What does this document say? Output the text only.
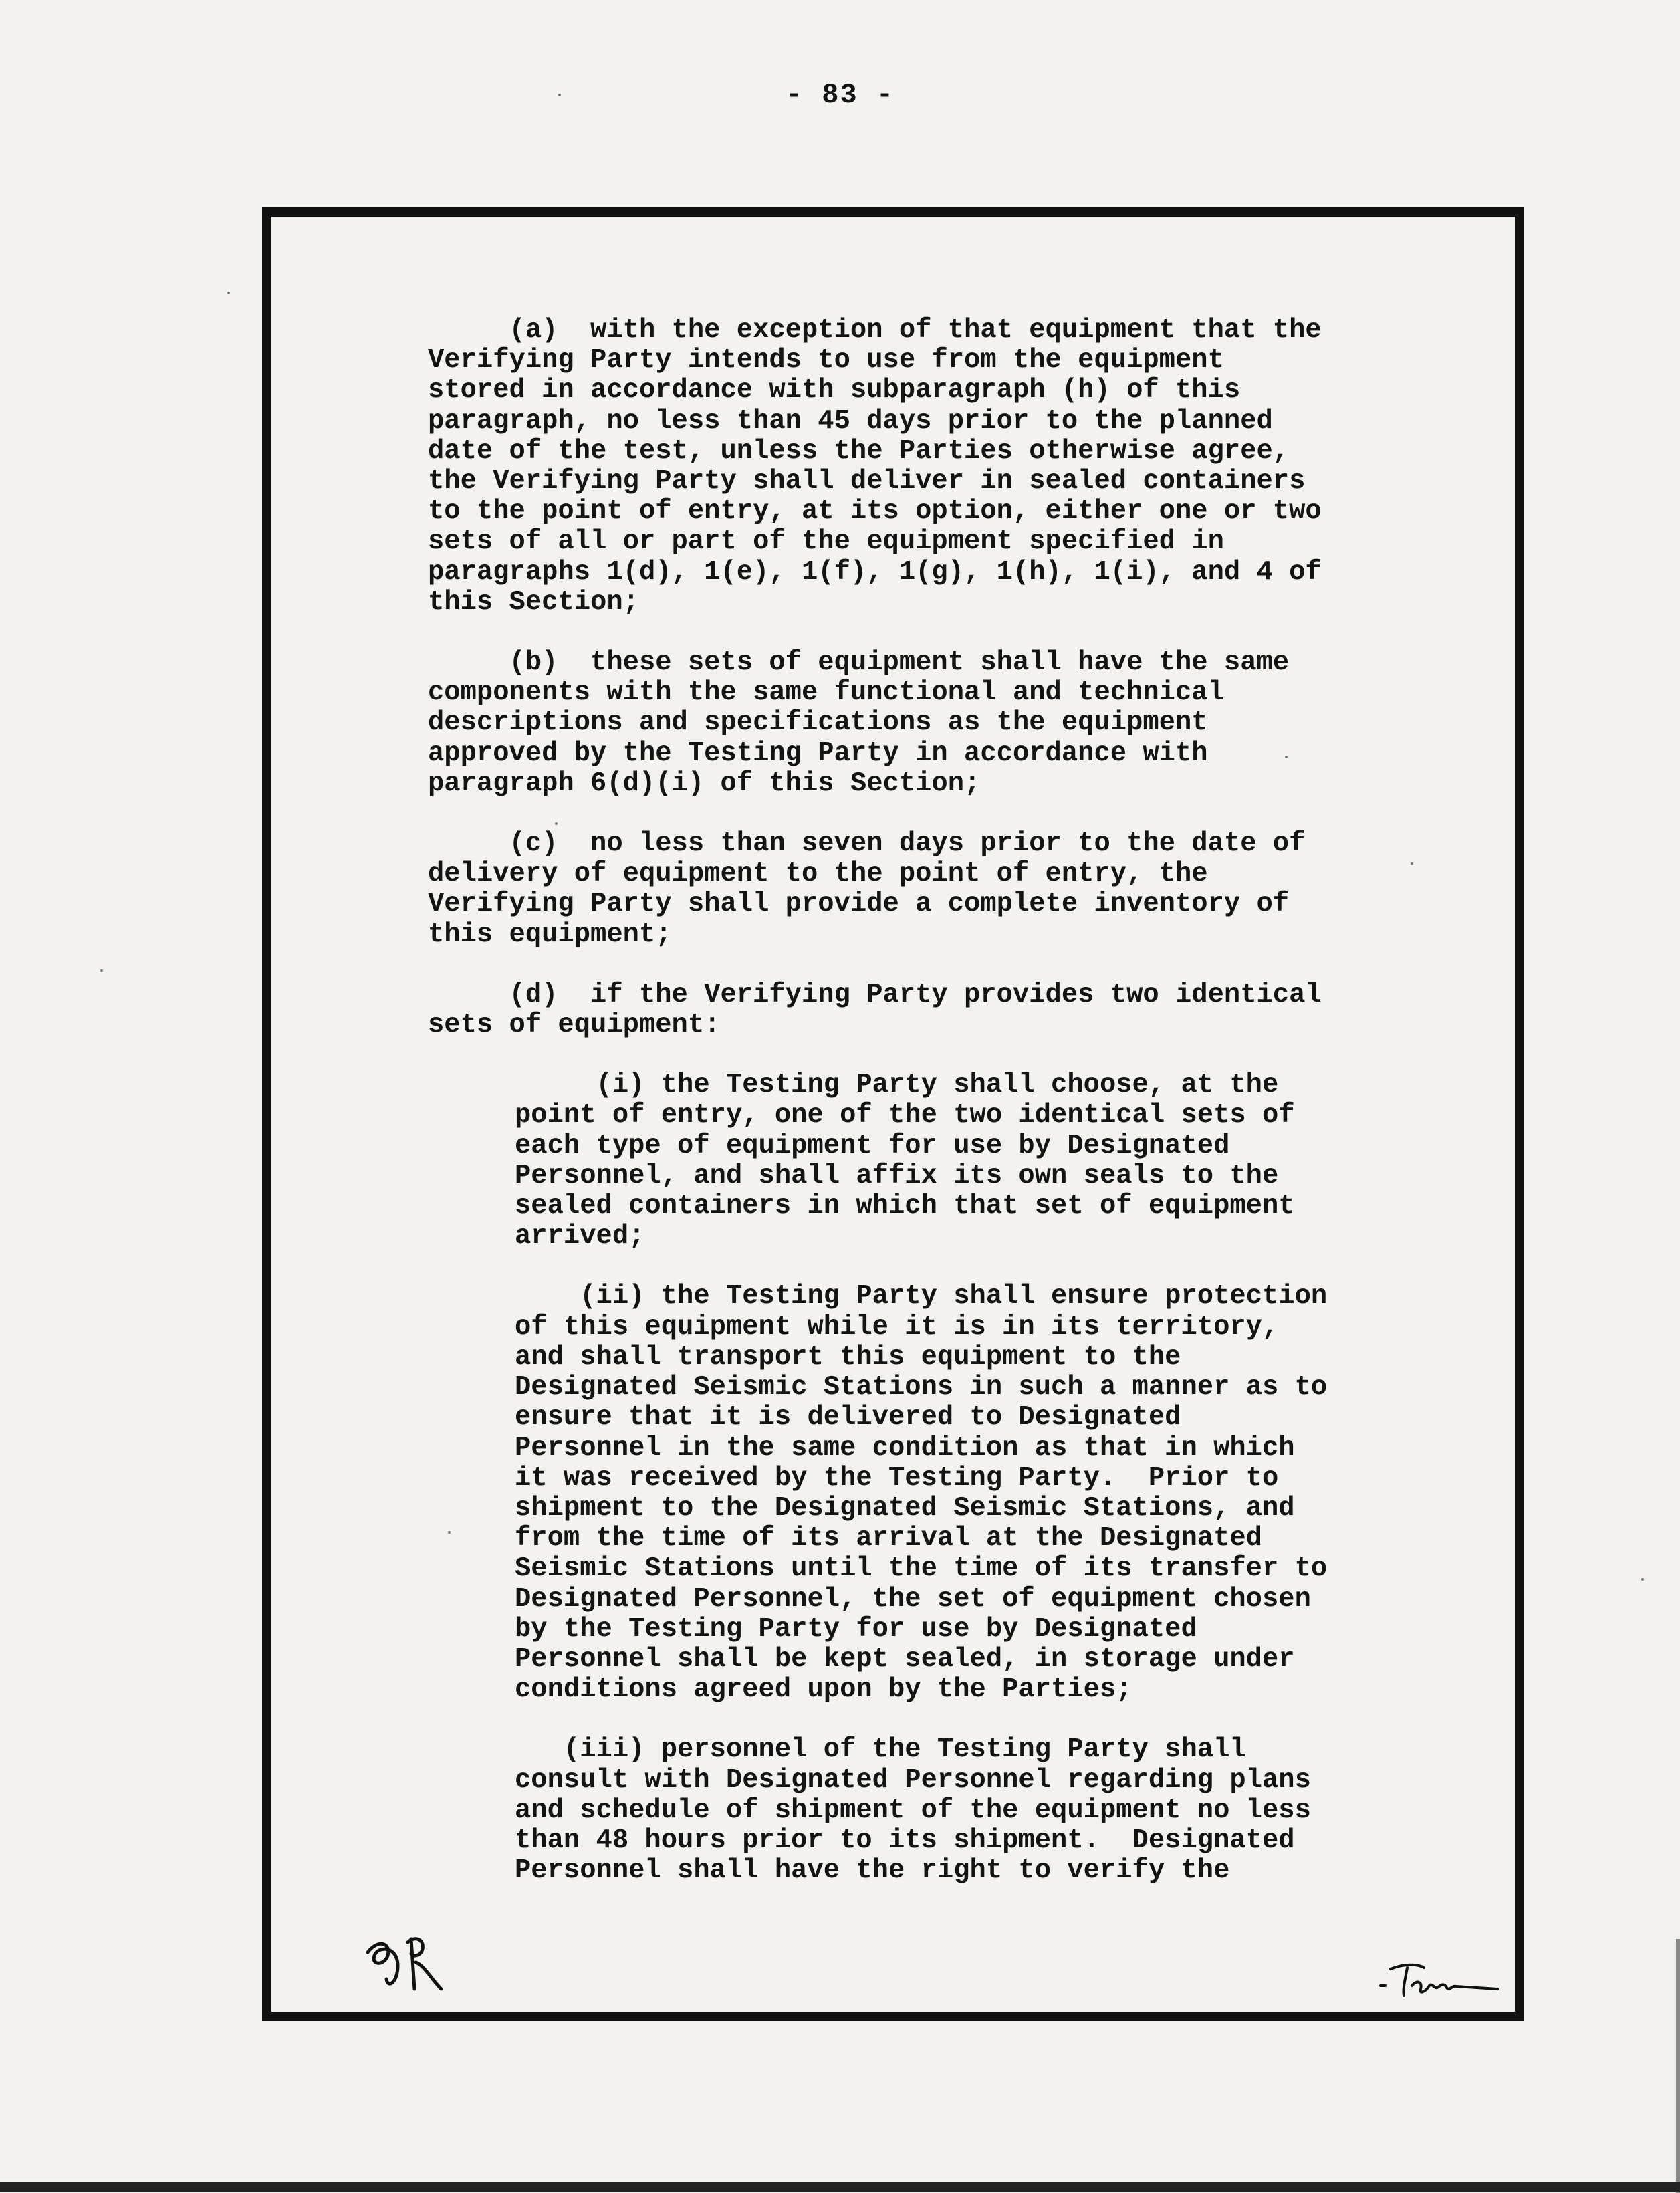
- 83 -
(a)  with the exception of that equipment that the
Verifying Party intends to use from the equipment
stored in accordance with subparagraph (h) of this
paragraph, no less than 45 days prior to the planned
date of the test, unless the Parties otherwise agree,
the Verifying Party shall deliver in sealed containers
to the point of entry, at its option, either one or two
sets of all or part of the equipment specified in
paragraphs 1(d), 1(e), 1(f), 1(g), 1(h), 1(i), and 4 of
this Section;
(b)  these sets of equipment shall have the same
components with the same functional and technical
descriptions and specifications as the equipment
approved by the Testing Party in accordance with
paragraph 6(d)(i) of this Section;
(c)  no less than seven days prior to the date of
delivery of equipment to the point of entry, the
Verifying Party shall provide a complete inventory of
this equipment;
(d)  if the Verifying Party provides two identical
sets of equipment:
(i) the Testing Party shall choose, at the
point of entry, one of the two identical sets of
each type of equipment for use by Designated
Personnel, and shall affix its own seals to the
sealed containers in which that set of equipment
arrived;
(ii) the Testing Party shall ensure protection
of this equipment while it is in its territory,
and shall transport this equipment to the
Designated Seismic Stations in such a manner as to
ensure that it is delivered to Designated
Personnel in the same condition as that in which
it was received by the Testing Party.  Prior to
shipment to the Designated Seismic Stations, and
from the time of its arrival at the Designated
Seismic Stations until the time of its transfer to
Designated Personnel, the set of equipment chosen
by the Testing Party for use by Designated
Personnel shall be kept sealed, in storage under
conditions agreed upon by the Parties;
(iii) personnel of the Testing Party shall
consult with Designated Personnel regarding plans
and schedule of shipment of the equipment no less
than 48 hours prior to its shipment.  Designated
Personnel shall have the right to verify the
